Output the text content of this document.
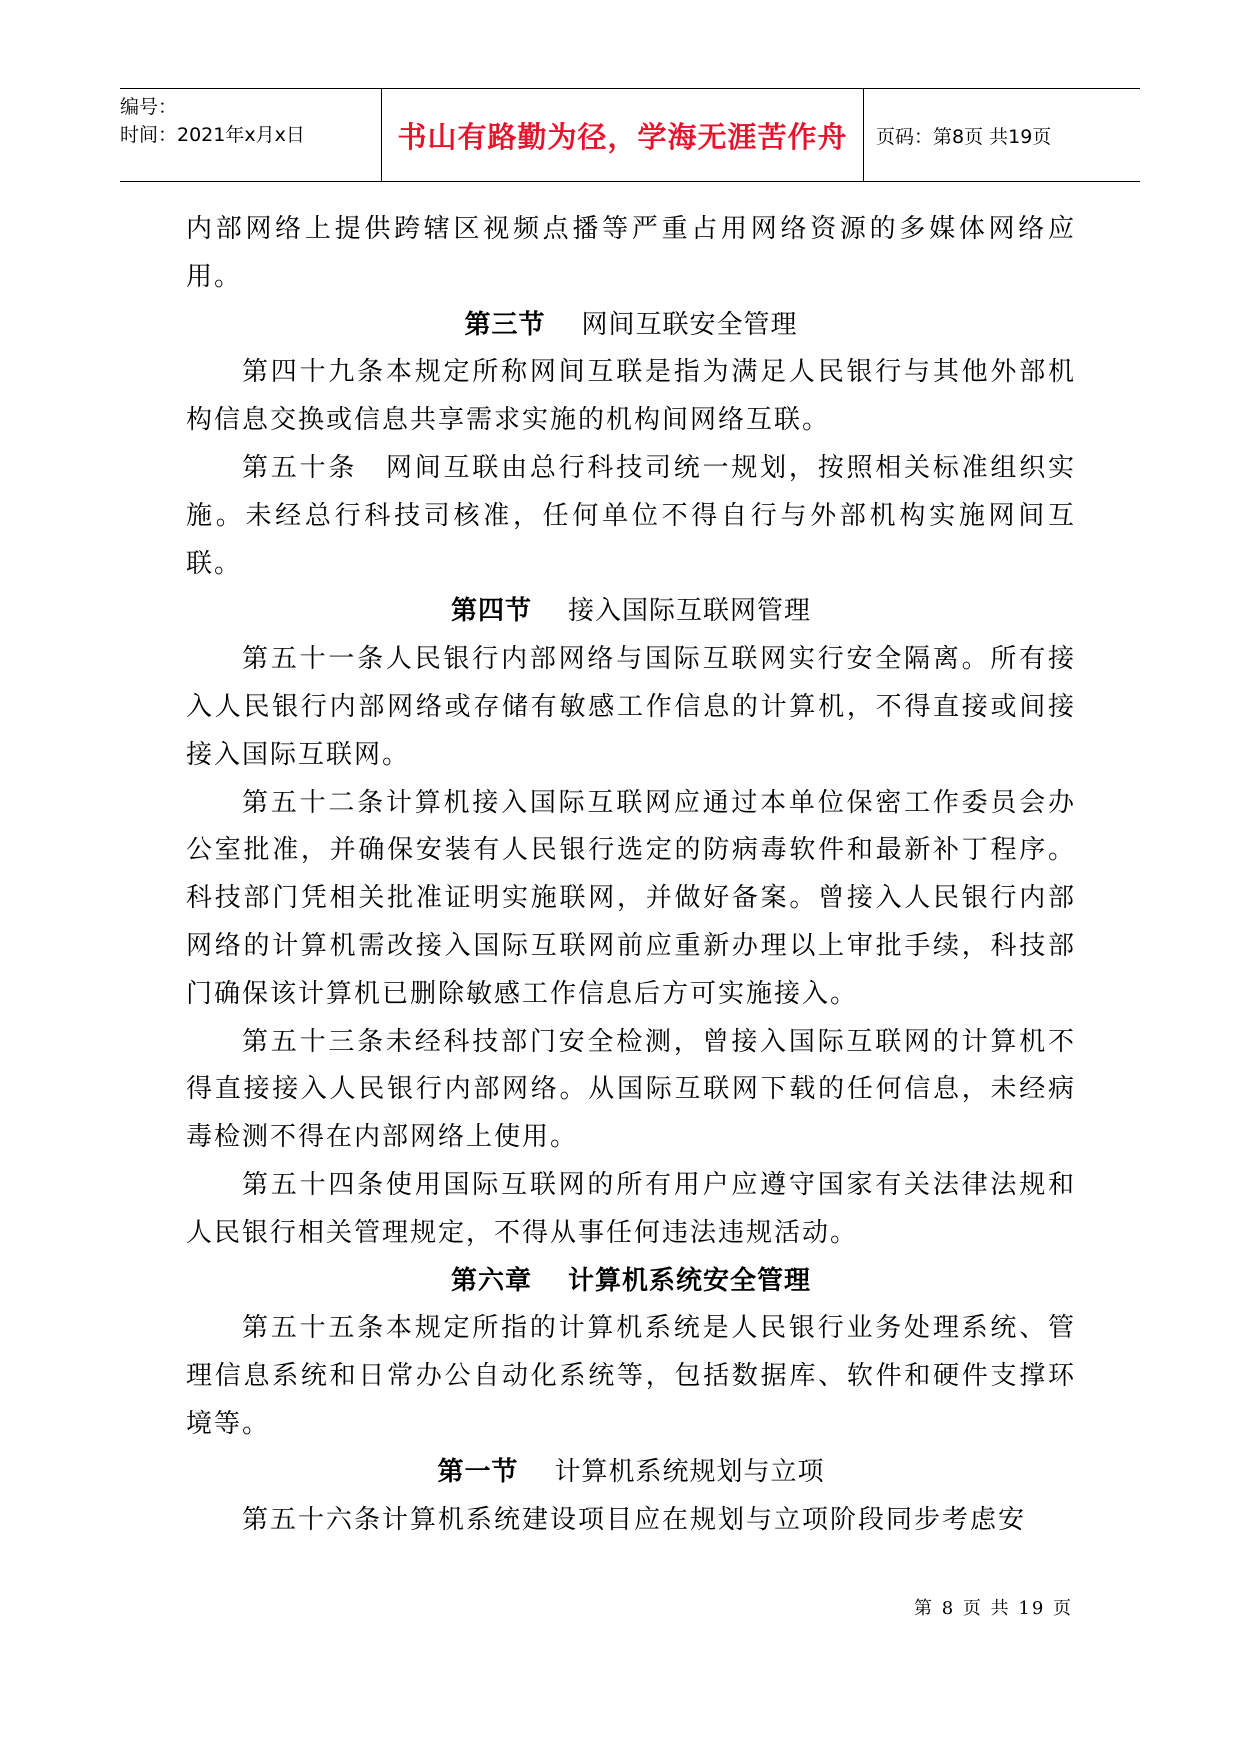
编号：
时间：2021年x月x日	书山有路勤为径，学海无涯苦作舟 页码：第8页 共19页

内部网络上提供跨辖区视频点播等严重占用网络资源的多媒体网络应用。

第三节 网间互联安全管理

第四十九条本规定所称网间互联是指为满足人民银行与其他外部机构信息交换或信息共享需求实施的机构间网络互联。

第五十条　网间互联由总行科技司统一规划，按照相关标准组织实施。未经总行科技司核准，任何单位不得自行与外部机构实施网间互联。

第四节 接入国际互联网管理

第五十一条人民银行内部网络与国际互联网实行安全隔离。所有接入人民银行内部网络或存储有敏感工作信息的计算机，不得直接或间接接入国际互联网。

第五十二条计算机接入国际互联网应通过本单位保密工作委员会办公室批准，并确保安装有人民银行选定的防病毒软件和最新补丁程序。科技部门凭相关批准证明实施联网，并做好备案。曾接入人民银行内部网络的计算机需改接入国际互联网前应重新办理以上审批手续，科技部门确保该计算机已删除敏感工作信息后方可实施接入。

第五十三条未经科技部门安全检测，曾接入国际互联网的计算机不得直接接入人民银行内部网络。从国际互联网下载的任何信息，未经病毒检测不得在内部网络上使用。

第五十四条使用国际互联网的所有用户应遵守国家有关法律法规和人民银行相关管理规定，不得从事任何违法违规活动。

第六章 计算机系统安全管理

第五十五条本规定所指的计算机系统是人民银行业务处理系统、管理信息系统和日常办公自动化系统等，包括数据库、软件和硬件支撑环境等。

第一节 计算机系统规划与立项

第五十六条计算机系统建设项目应在规划与立项阶段同步考虑安

第 8 页 共 19 页
